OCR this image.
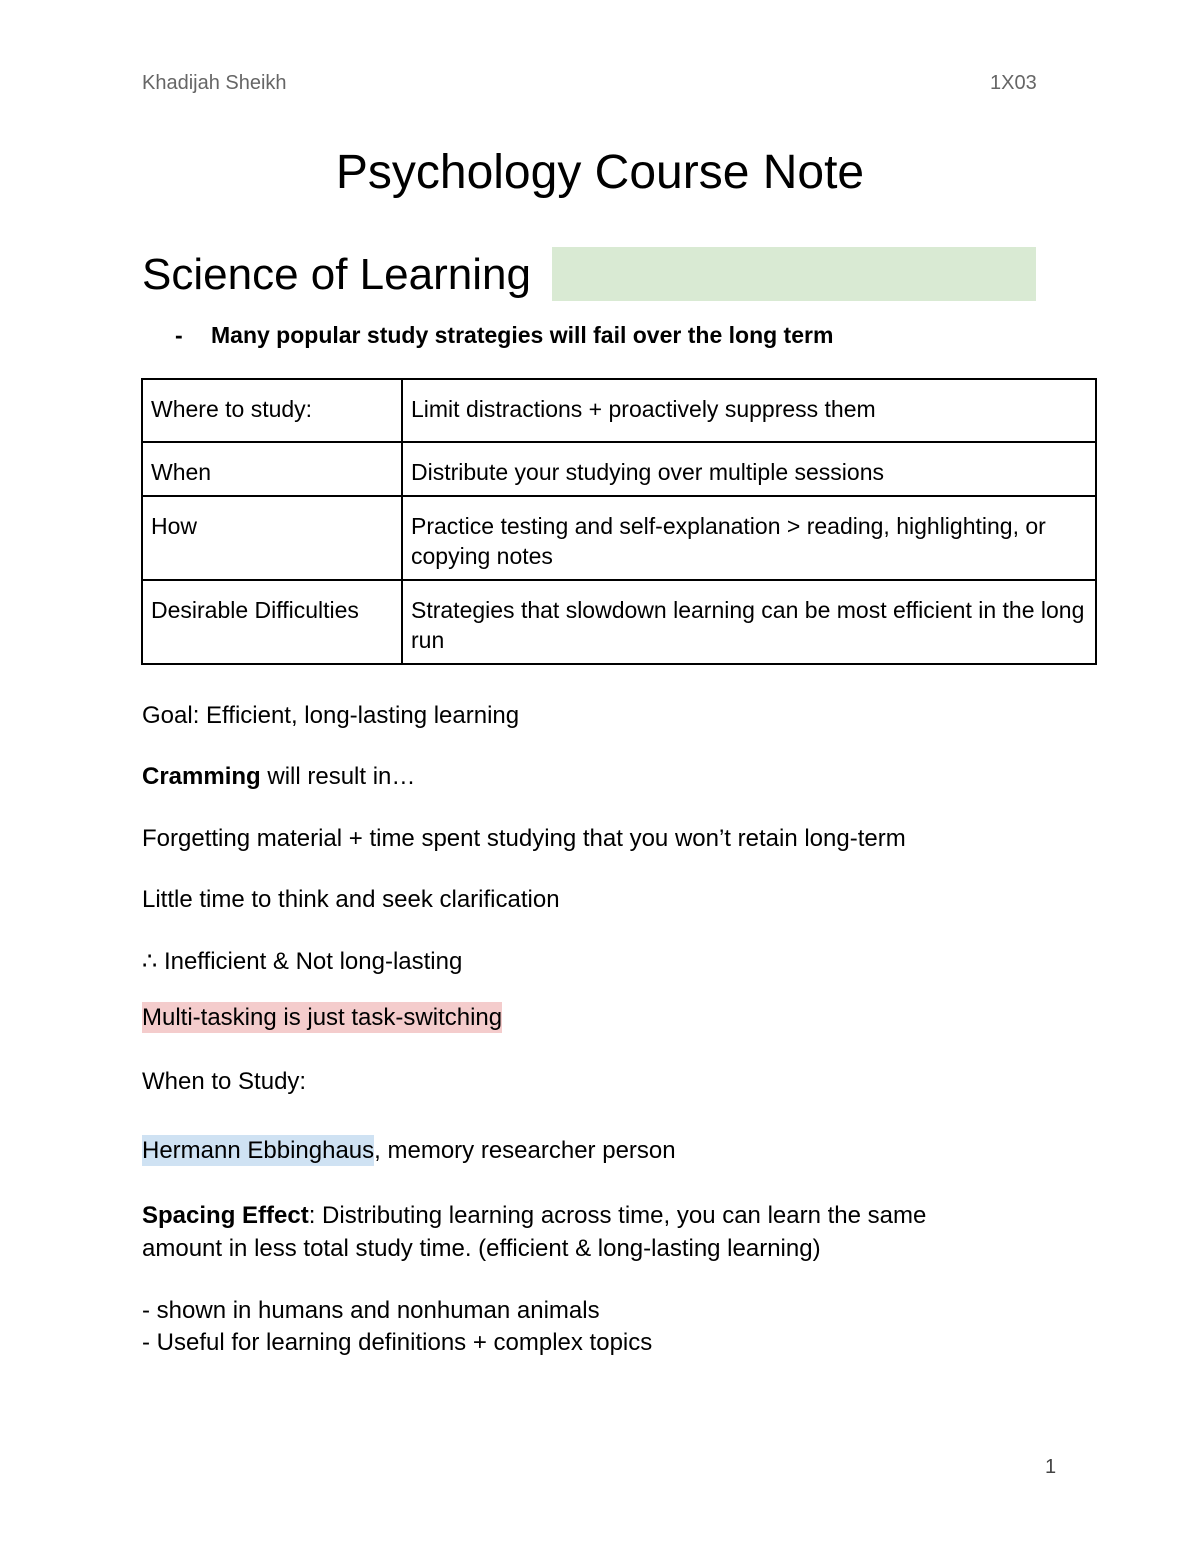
Khadijah Sheikh	1X03
Psychology Course Note
Science of Learning
- Many popular study strategies will fail over the long term
Where to study:	Limit distractions + proactively suppress them
When	Distribute your studying over multiple sessions
How	Practice testing and self-explanation > reading, highlighting, or copying notes
Desirable Difficulties	Strategies that slowdown learning can be most efficient in the long run
Goal: Efficient, long-lasting learning
Cramming will result in…
Forgetting material + time spent studying that you won’t retain long-term
Little time to think and seek clarification
∴ Inefficient & Not long-lasting
Multi-tasking is just task-switching
When to Study:
Hermann Ebbinghaus, memory researcher person
Spacing Effect: Distributing learning across time, you can learn the same
amount in less total study time. (efficient & long-lasting learning)
- shown in humans and nonhuman animals
- Useful for learning definitions + complex topics
1
